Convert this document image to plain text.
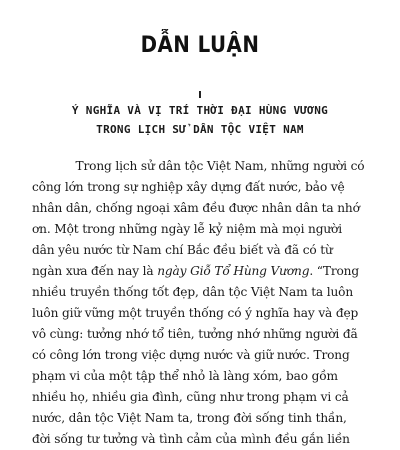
DẪN LUẬN
I
Ý NGHĨA VÀ VỊ TRÍ THỜI ĐẠI HÙNG VƯƠNG
TRONG LỊCH SỬ DÂN TỘC VIỆT NAM
Trong lịch sử dân tộc Việt Nam, những người có
công lớn trong sự nghiệp xây dựng đất nước, bảo vệ
nhân dân, chống ngoại xâm đều được nhân dân ta nhớ
ơn. Một trong những ngày lễ kỷ niệm mà mọi người
dân yêu nước từ Nam chí Bắc đều biết và đã có từ
ngàn xưa đến nay là ngày Giỗ Tổ Hùng Vương. “Trong
nhiều truyền thống tốt đẹp, dân tộc Việt Nam ta luôn
luôn giữ vững một truyền thống có ý nghĩa hay và đẹp
vô cùng: tưởng nhớ tổ tiên, tưởng nhớ những người đã
có công lớn trong việc dựng nước và giữ nước. Trong
phạm vi của một tập thể nhỏ là làng xóm, bao gồm
nhiều họ, nhiều gia đình, cũng như trong phạm vi cả
nước, dân tộc Việt Nam ta, trong đời sống tinh thần,
đời sống tư tưởng và tình cảm của mình đều gắn liền
